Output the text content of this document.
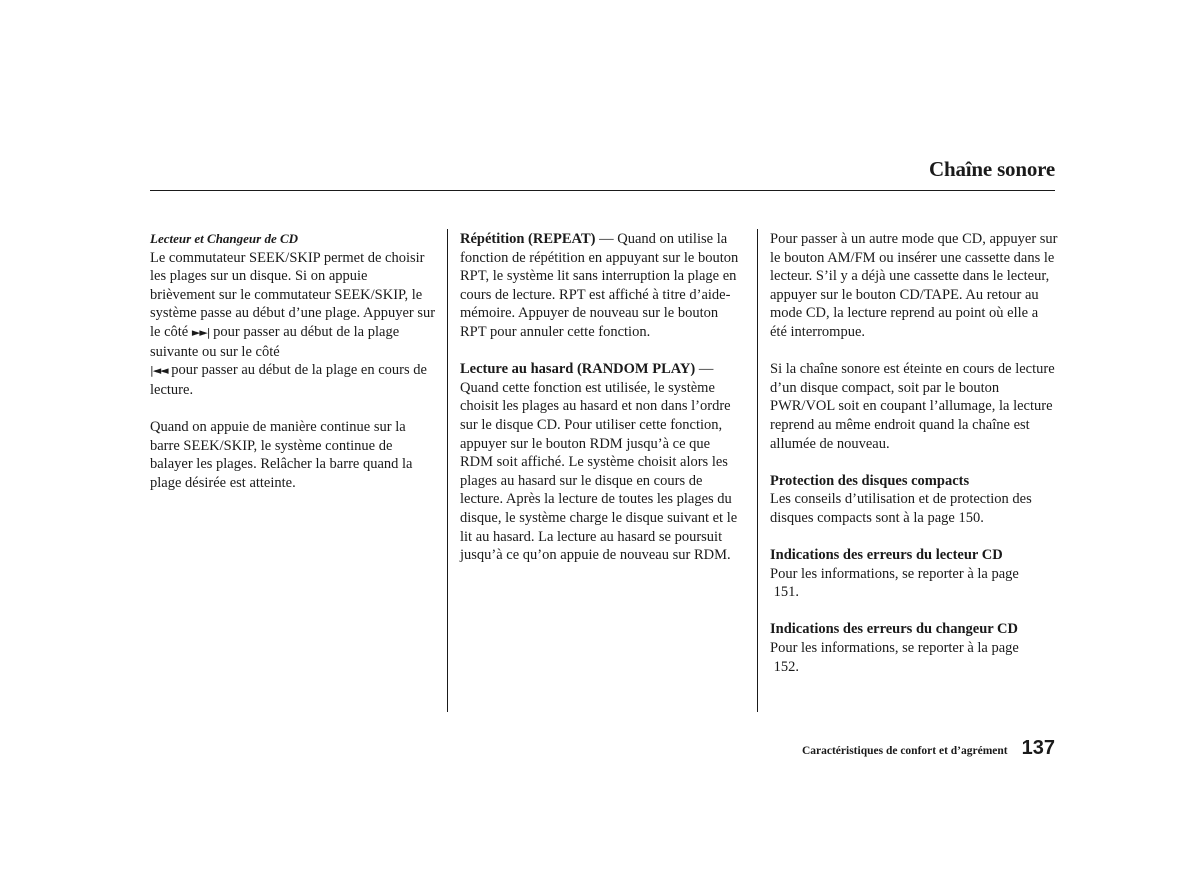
Chaîne sonore

Lecteur et Changeur de CD

Le commutateur SEEK/SKIP permet de choisir les plages sur un disque. Si on appuie brièvement sur le commutateur SEEK/SKIP, le système passe au début d’une plage. Appuyer sur le côté ►►| pour passer au début de la plage suivante ou sur le côté
|◄◄ pour passer au début de la plage en cours de lecture.

Quand on appuie de manière continue sur la barre SEEK/SKIP, le système continue de balayer les plages. Relâcher la barre quand la plage désirée est atteinte.

Répétition (REPEAT) — Quand on utilise la fonction de répétition en appuyant sur le bouton RPT, le système lit sans interruption la plage en cours de lecture. RPT est affiché à titre d’aide-mémoire. Appuyer de nouveau sur le bouton RPT pour annuler cette fonction.

Lecture au hasard (RANDOM PLAY) —
Quand cette fonction est utilisée, le système choisit les plages au hasard et non dans l’ordre sur le disque CD. Pour utiliser cette fonction, appuyer sur le bouton RDM jusqu’à ce que RDM soit affiché. Le système choisit alors les plages au hasard sur le disque en cours de lecture. Après la lecture de toutes les plages du disque, le système charge le disque suivant et le lit au hasard. La lecture au hasard se poursuit jusqu’à ce qu’on appuie de nouveau sur RDM.

Pour passer à un autre mode que CD, appuyer sur le bouton AM/FM ou insérer une cassette dans le lecteur. S’il y a déjà une cassette dans le lecteur, appuyer sur le bouton CD/TAPE. Au retour au mode CD, la lecture reprend au point où elle a été interrompue.

Si la chaîne sonore est éteinte en cours de lecture d’un disque compact, soit par le bouton PWR/VOL soit en coupant l’allumage, la lecture reprend au même endroit quand la chaîne est allumée de nouveau.

Protection des disques compacts

Les conseils d’utilisation et de protection des disques compacts sont à la page 150.

Indications des erreurs du lecteur CD

Pour les informations, se reporter à la page
151.

Indications des erreurs du changeur CD

Pour les informations, se reporter à la page
152.

Caractéristiques de confort et d’agrément 137
